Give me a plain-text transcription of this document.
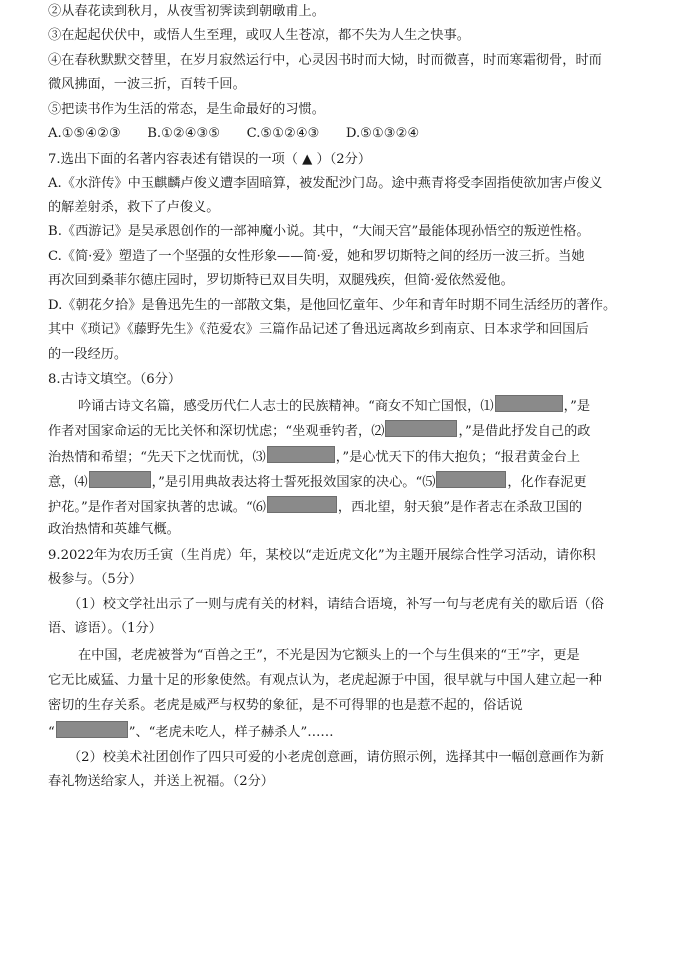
②从春花读到秋月，从夜雪初霁读到朝暾甫上。
③在起起伏伏中，或悟人生至理，或叹人生苍凉，都不失为人生之快事。
④在春秋默默交替里，在岁月寂然运行中，心灵因书时而大恸，时而微喜，时而寒霜彻骨，时而
微风拂面，一波三折，百转千回。
⑤把读书作为生活的常态，是生命最好的习惯。
A.①⑤④②③　　B.①②④③⑤　　C.⑤①②④③　　D.⑤①③②④
7.选出下面的名著内容表述有错误的一项（ ▲ ）（2分）
A.《水浒传》中玉麒麟卢俊义遭李固暗算，被发配沙门岛。途中燕青将受李固指使欲加害卢俊义
的解差射杀，救下了卢俊义。
B.《西游记》是吴承恩创作的一部神魔小说。其中，“大闹天宫”最能体现孙悟空的叛逆性格。
C.《简·爱》塑造了一个坚强的女性形象——简·爱，她和罗切斯特之间的经历一波三折。当她
再次回到桑菲尔德庄园时，罗切斯特已双目失明，双腿残疾，但简·爱依然爱他。
D.《朝花夕拾》是鲁迅先生的一部散文集，是他回忆童年、少年和青年时期不同生活经历的著作。
其中《琐记》《藤野先生》《范爱农》三篇作品记述了鲁迅远离故乡到南京、日本求学和回国后
的一段经历。
8.古诗文填空。（6分）
吟诵古诗文名篇，感受历代仁人志士的民族精神。“商女不知亡国恨，⑴	，”是
作者对国家命运的无比关怀和深切忧虑；“坐观垂钓者，⑵	，”是借此抒发自己的政
治热情和希望；“先天下之忧而忧，⑶	，”是心忧天下的伟大抱负；“报君黄金台上
意，⑷	，”是引用典故表达将士誓死报效国家的决心。“⑸	，化作春泥更
护花。”是作者对国家执著的忠诚。“⑹	，西北望，射天狼”是作者志在杀敌卫国的
政治热情和英雄气概。
9.2022年为农历壬寅（生肖虎）年，某校以“走近虎文化”为主题开展综合性学习活动，请你积
极参与。（5分）
（1）校文学社出示了一则与虎有关的材料，请结合语境，补写一句与老虎有关的歇后语（俗
语、谚语）。（1分）
在中国，老虎被誉为“百兽之王”，不光是因为它额头上的一个与生俱来的“王”字，更是
它无比威猛、力量十足的形象使然。有观点认为，老虎起源于中国，很早就与中国人建立起一种
密切的生存关系。老虎是威严与权势的象征，是不可得罪的也是惹不起的，俗话说
“	”、“老虎未吃人，样子赫杀人”……
（2）校美术社团创作了四只可爱的小老虎创意画，请仿照示例，选择其中一幅创意画作为新
春礼物送给家人，并送上祝福。（2分）
